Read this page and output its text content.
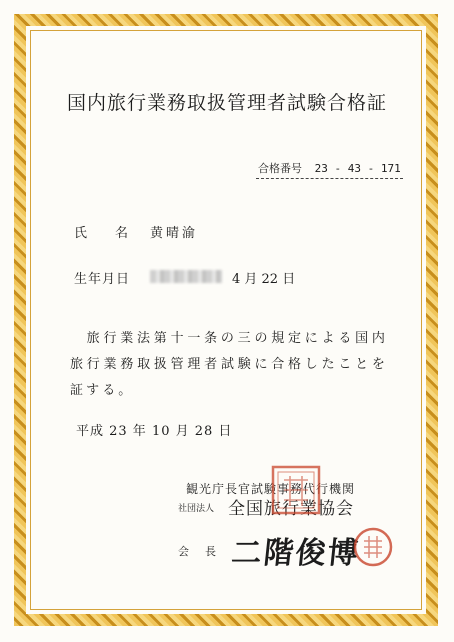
国内旅行業務取扱管理者試験合格証
合格番号 23 - 43 - 171
氏名
黄晴渝
生年月日	4 月 22 日
旅行業法第十一条の三の規定による国内旅行業務取扱管理者試験に合格したことを証する。
平成 23 年 10 月 28 日
観光庁長官試験事務代行機関
社団法人 全国旅行業協会
会長
二階俊博
